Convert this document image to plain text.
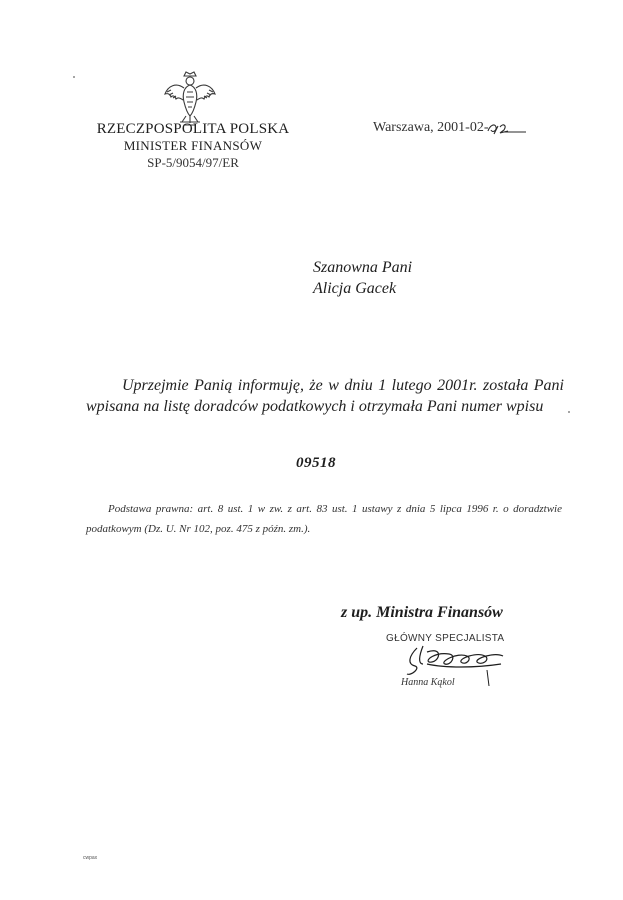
RZECZPOSPOLITA POLSKA
MINISTER FINANSÓW
SP-5/9054/97/ER
Warszawa, 2001-02-
Szanowna Pani
Alicja Gacek
Uprzejmie Panią informuję, że w dniu 1 lutego 2001r. została Pani wpisana na listę doradców podatkowych i otrzymała Pani numer wpisu
09518
Podstawa prawna: art. 8 ust. 1 w zw. z art. 83 ust. 1 ustawy z dnia 5 lipca 1996 r. o doradztwie podatkowym (Dz. U. Nr 102, poz. 475 z późn. zm.).
z up. Ministra Finansów
GŁÓWNY SPECJALISTA
Hanna Kąkol
cwpax
